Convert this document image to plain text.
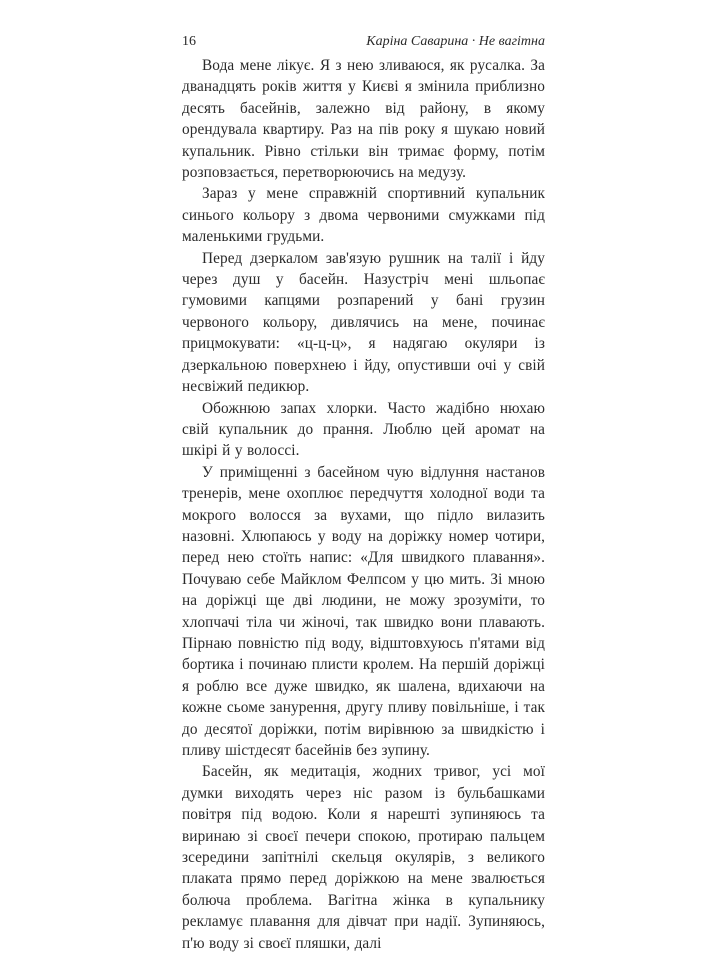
16	Каріна Саварина · Не вагітна

Вода мене лікує. Я з нею зливаюся, як русалка. За дванадцять років життя у Києві я змінила приблизно десять басейнів, залежно від району, в якому орендувала квартиру. Раз на пів року я шукаю новий купальник. Рівно стільки він тримає форму, потім розповзається, перетворюючись на медузу.

Зараз у мене справжній спортивний купальник синього кольору з двома червоними смужками під маленькими грудьми.

Перед дзеркалом зав'язую рушник на талії і йду через душ у басейн. Назустріч мені шльопає гумовими капцями розпарений у бані грузин червоного кольору, дивлячись на мене, починає прицмокувати: «ц-ц-ц», я надягаю окуляри із дзеркальною поверхнею і йду, опустивши очі у свій несвіжий педикюр.

Обожнюю запах хлорки. Часто жадібно нюхаю свій купальник до прання. Люблю цей аромат на шкірі й у волоссі.

У приміщенні з басейном чую відлуння настанов тренерів, мене охоплює передчуття холодної води та мокрого волосся за вухами, що підло вилазить назовні. Хлюпаюсь у воду на доріжку номер чотири, перед нею стоїть напис: «Для швидкого плавання». Почуваю себе Майклом Фелпсом у цю мить. Зі мною на доріжці ще дві людини, не можу зрозуміти, то хлопчачі тіла чи жіночі, так швидко вони плавають. Пірнаю повністю під воду, відштовхуюсь п'ятами від бортика і починаю плисти кролем. На першій доріжці я роблю все дуже швидко, як шалена, вдихаючи на кожне сьоме занурення, другу пливу повільніше, і так до десятої доріжки, потім вирівнюю за швидкістю і пливу шістдесят басейнів без зупину.

Басейн, як медитація, жодних тривог, усі мої думки виходять через ніс разом із бульбашками повітря під водою. Коли я нарешті зупиняюсь та виринаю зі своєї печери спокою, протираю пальцем зсередини запітнілі скельця окулярів, з великого плаката прямо перед доріжкою на мене звалюється болюча проблема. Вагітна жінка в купальнику рекламує плавання для дівчат при надії. Зупиняюсь, п'ю воду зі своєї пляшки, далі
